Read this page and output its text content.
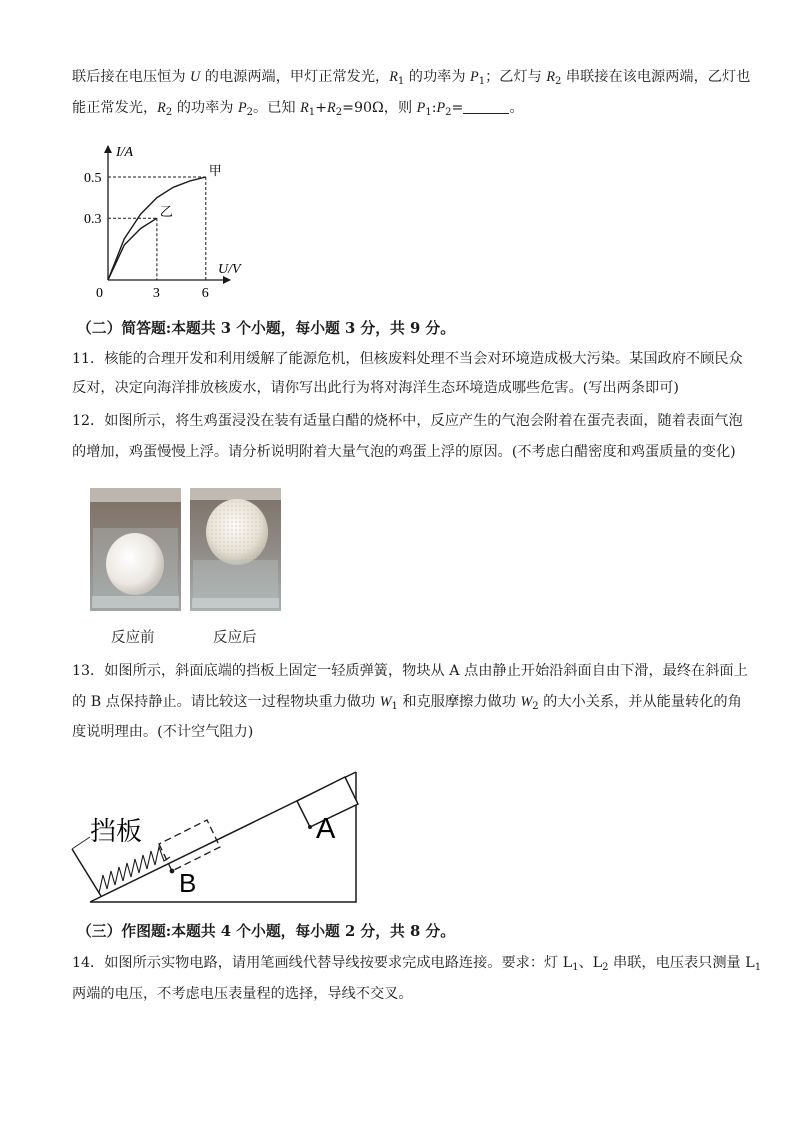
联后接在电压恒为 U 的电源两端，甲灯正常发光，$R_1$ 的功率为 $P_1$；乙灯与 $R_2$ 串联接在该电源两端，乙灯也
能正常发光，$R_2$ 的功率为 $P_2$。已知 $R_1+R_2=90\Omega$，则 $P_1:P_2=$	。
I/A
U/V
0
0.5
0.3
3	6
甲
乙
（二）简答题:本题共 3 个小题，每小题 3 分，共 9 分。
11．核能的合理开发和利用缓解了能源危机，但核废料处理不当会对环境造成极大污染。某国政府不顾民众
反对，决定向海洋排放核废水，请你写出此行为将对海洋生态环境造成哪些危害。(写出两条即可)
12．如图所示，将生鸡蛋浸没在装有适量白醋的烧杯中，反应产生的气泡会附着在蛋壳表面，随着表面气泡
的增加，鸡蛋慢慢上浮。请分析说明附着大量气泡的鸡蛋上浮的原因。(不考虑白醋密度和鸡蛋质量的变化)
反应前	反应后
13．如图所示，斜面底端的挡板上固定一轻质弹簧，物块从 A 点由静止开始沿斜面自由下滑，最终在斜面上
的 B 点保持静止。请比较这一过程物块重力做功 $W_1$ 和克服摩擦力做功 $W_2$ 的大小关系，并从能量转化的角
度说明理由。(不计空气阻力)
挡板	A
B
（三）作图题:本题共 4 个小题，每小题 2 分，共 8 分。
14．如图所示实物电路，请用笔画线代替导线按要求完成电路连接。要求：灯 $L_1$、$L_2$ 串联，电压表只测量 $L_1$
两端的电压，不考虑电压表量程的选择，导线不交叉。
